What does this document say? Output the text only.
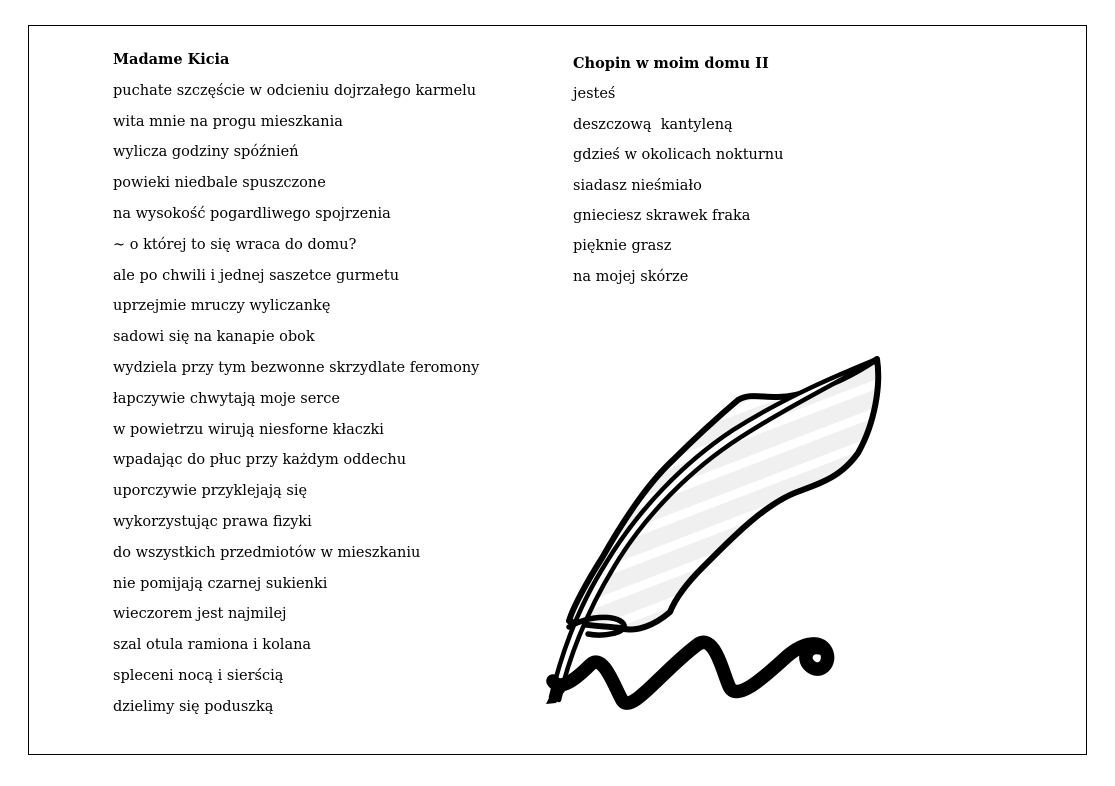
Madame Kicia
puchate szczęście w odcieniu dojrzałego karmelu
wita mnie na progu mieszkania
wylicza godziny spóźnień
powieki niedbale spuszczone
na wysokość pogardliwego spojrzenia
~ o której to się wraca do domu?
ale po chwili i jednej saszetce gurmetu
uprzejmie mruczy wyliczankę
sadowi się na kanapie obok
wydziela przy tym bezwonne skrzydlate feromony
łapczywie chwytają moje serce
w powietrzu wirują niesforne kłaczki
wpadając do płuc przy każdym oddechu
uporczywie przyklejają się
wykorzystując prawa fizyki
do wszystkich przedmiotów w mieszkaniu
nie pomijają czarnej sukienki
wieczorem jest najmilej
szal otula ramiona i kolana
spleceni nocą i sierścią
dzielimy się poduszką
Chopin w moim domu II
jesteś
deszczową  kantyleną
gdzieś w okolicach nokturnu
siadasz nieśmiało
gnieciesz skrawek fraka
pięknie grasz
na mojej skórze
